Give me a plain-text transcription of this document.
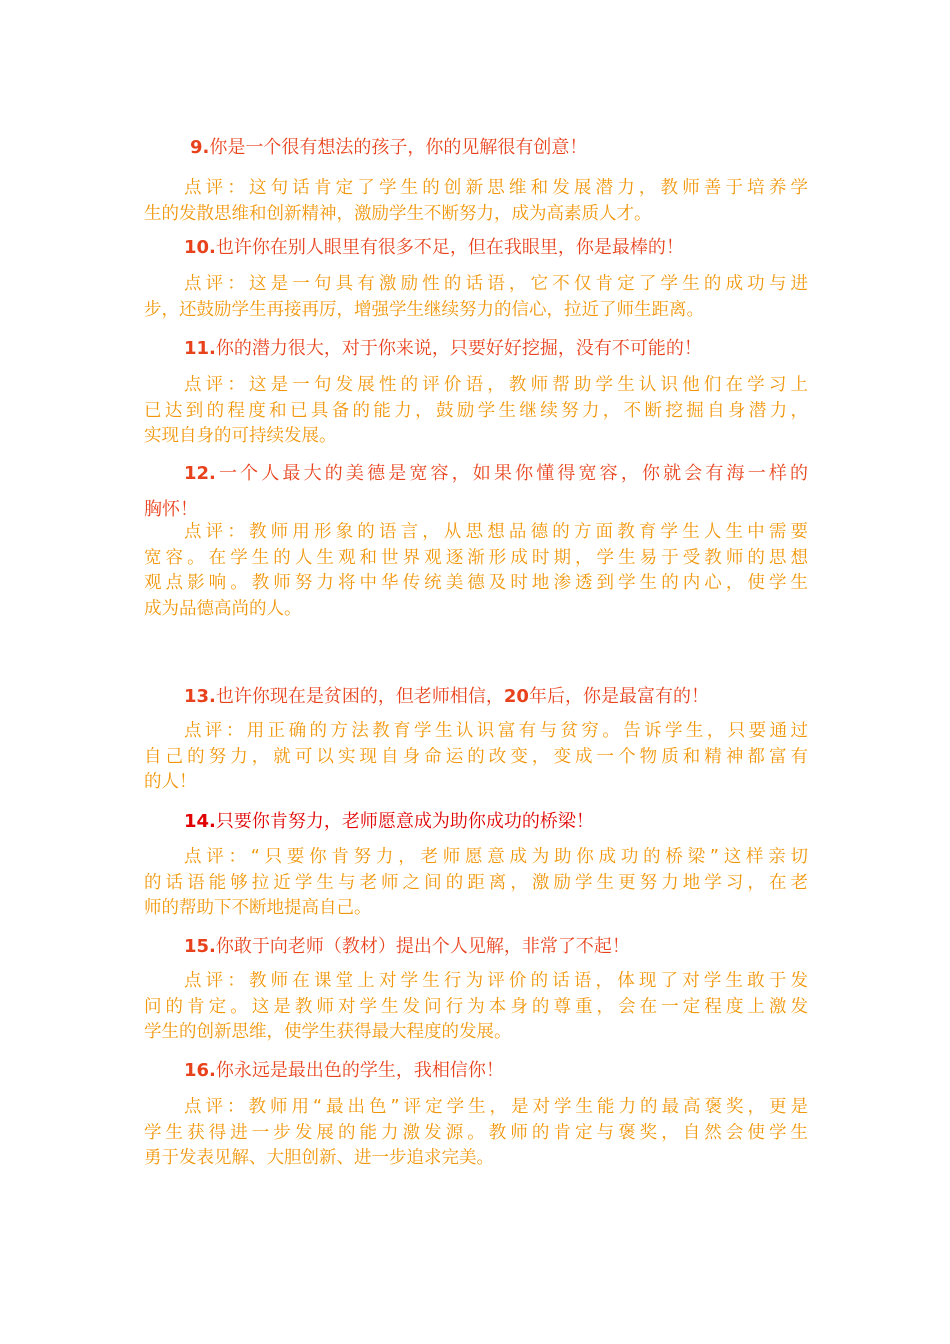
9.你是一个很有想法的孩子，你的见解很有创意！
点评：这句话肯定了学生的创新思维和发展潜力，教师善于培养学
生的发散思维和创新精神，激励学生不断努力，成为高素质人才。
10.也许你在别人眼里有很多不足，但在我眼里，你是最棒的！
点评：这是一句具有激励性的话语，它不仅肯定了学生的成功与进
步，还鼓励学生再接再厉，增强学生继续努力的信心，拉近了师生距离。
11.你的潜力很大，对于你来说，只要好好挖掘，没有不可能的！
点评：这是一句发展性的评价语，教师帮助学生认识他们在学习上
已达到的程度和已具备的能力，鼓励学生继续努力，不断挖掘自身潜力，
实现自身的可持续发展。
12.一个人最大的美德是宽容，如果你懂得宽容，你就会有海一样的
胸怀！
点评：教师用形象的语言，从思想品德的方面教育学生人生中需要
宽容。在学生的人生观和世界观逐渐形成时期，学生易于受教师的思想
观点影响。教师努力将中华传统美德及时地渗透到学生的内心，使学生
成为品德高尚的人。
13.也许你现在是贫困的，但老师相信，20年后，你是最富有的！
点评：用正确的方法教育学生认识富有与贫穷。告诉学生，只要通过
自己的努力，就可以实现自身命运的改变，变成一个物质和精神都富有
的人！
14.只要你肯努力，老师愿意成为助你成功的桥梁！
点评：“只要你肯努力，老师愿意成为助你成功的桥梁”这样亲切
的话语能够拉近学生与老师之间的距离，激励学生更努力地学习，在老
师的帮助下不断地提高自己。
15.你敢于向老师（教材）提出个人见解，非常了不起！
点评：教师在课堂上对学生行为评价的话语，体现了对学生敢于发
问的肯定。这是教师对学生发问行为本身的尊重，会在一定程度上激发
学生的创新思维，使学生获得最大程度的发展。
16.你永远是最出色的学生，我相信你！
点评：教师用“最出色”评定学生，是对学生能力的最高褒奖，更是
学生获得进一步发展的能力激发源。教师的肯定与褒奖，自然会使学生
勇于发表见解、大胆创新、进一步追求完美。
